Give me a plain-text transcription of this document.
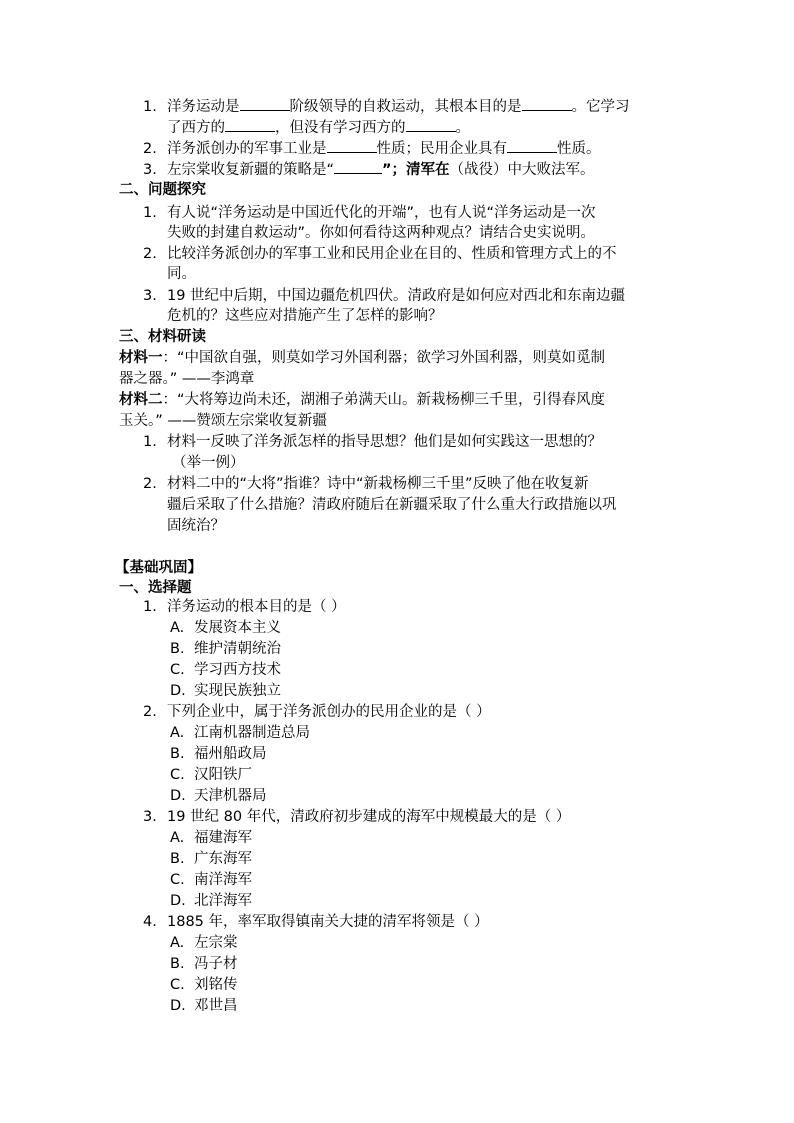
1. 洋务运动是	阶级领导的自救运动，其根本目的是	。它学习
了西方的	，但没有学习西方的	。
2. 洋务派创办的军事工业是	性质；民用企业具有	性质。
3. 左宗棠收复新疆的策略是“	”；清军在（战役）中大败法军。
二、问题探究
1. 有人说“洋务运动是中国近代化的开端”，也有人说“洋务运动是一次
失败的封建自救运动”。你如何看待这两种观点？请结合史实说明。
2. 比较洋务派创办的军事工业和民用企业在目的、性质和管理方式上的不
同。
3. 19 世纪中后期，中国边疆危机四伏。清政府是如何应对西北和东南边疆
危机的？这些应对措施产生了怎样的影响？
三、材料研读
材料一：“中国欲自强，则莫如学习外国利器；欲学习外国利器，则莫如觅制
器之器。” ——李鸿章
材料二：“大将筹边尚未还，湖湘子弟满天山。新栽杨柳三千里，引得春风度
玉关。” ——赞颂左宗棠收复新疆
1. 材料一反映了洋务派怎样的指导思想？他们是如何实践这一思想的？
（举一例）
2. 材料二中的“大将”指谁？诗中“新栽杨柳三千里”反映了他在收复新
疆后采取了什么措施？清政府随后在新疆采取了什么重大行政措施以巩
固统治？
【基础巩固】
一、选择题
1. 洋务运动的根本目的是（ ）
A. 发展资本主义
B. 维护清朝统治
C. 学习西方技术
D. 实现民族独立
2. 下列企业中，属于洋务派创办的民用企业的是（ ）
A. 江南机器制造总局
B. 福州船政局
C. 汉阳铁厂
D. 天津机器局
3. 19 世纪 80 年代，清政府初步建成的海军中规模最大的是（ ）
A. 福建海军
B. 广东海军
C. 南洋海军
D. 北洋海军
4. 1885 年，率军取得镇南关大捷的清军将领是（ ）
A. 左宗棠
B. 冯子材
C. 刘铭传
D. 邓世昌
